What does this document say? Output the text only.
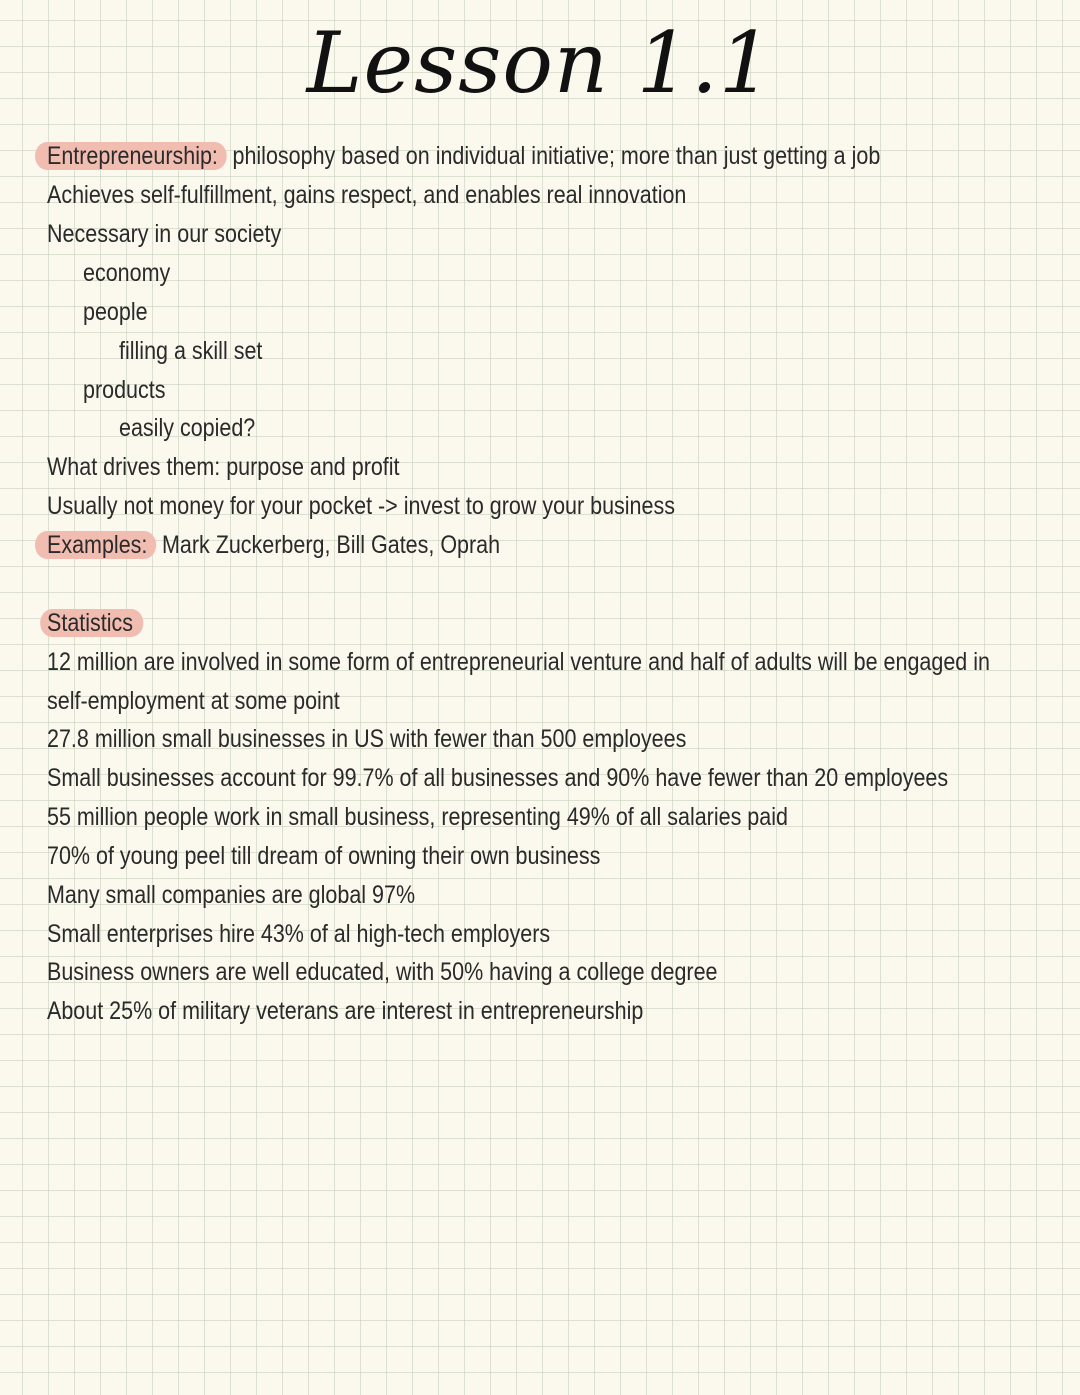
Lesson 1.1
Entrepreneurship: philosophy based on individual initiative; more than just getting a job
Achieves self-fulfillment, gains respect, and enables real innovation
Necessary in our society
economy
people
filling a skill set
products
easily copied?
What drives them: purpose and profit
Usually not money for your pocket -> invest to grow your business
Examples: Mark Zuckerberg, Bill Gates, Oprah
Statistics
12 million are involved in some form of entrepreneurial venture and half of adults will be engaged in
self-employment at some point
27.8 million small businesses in US with fewer than 500 employees
Small businesses account for 99.7% of all businesses and 90% have fewer than 20 employees
55 million people work in small business, representing 49% of all salaries paid
70% of young peel till dream of owning their own business
Many small companies are global 97%
Small enterprises hire 43% of al high-tech employers
Business owners are well educated, with 50% having a college degree
About 25% of military veterans are interest in entrepreneurship
